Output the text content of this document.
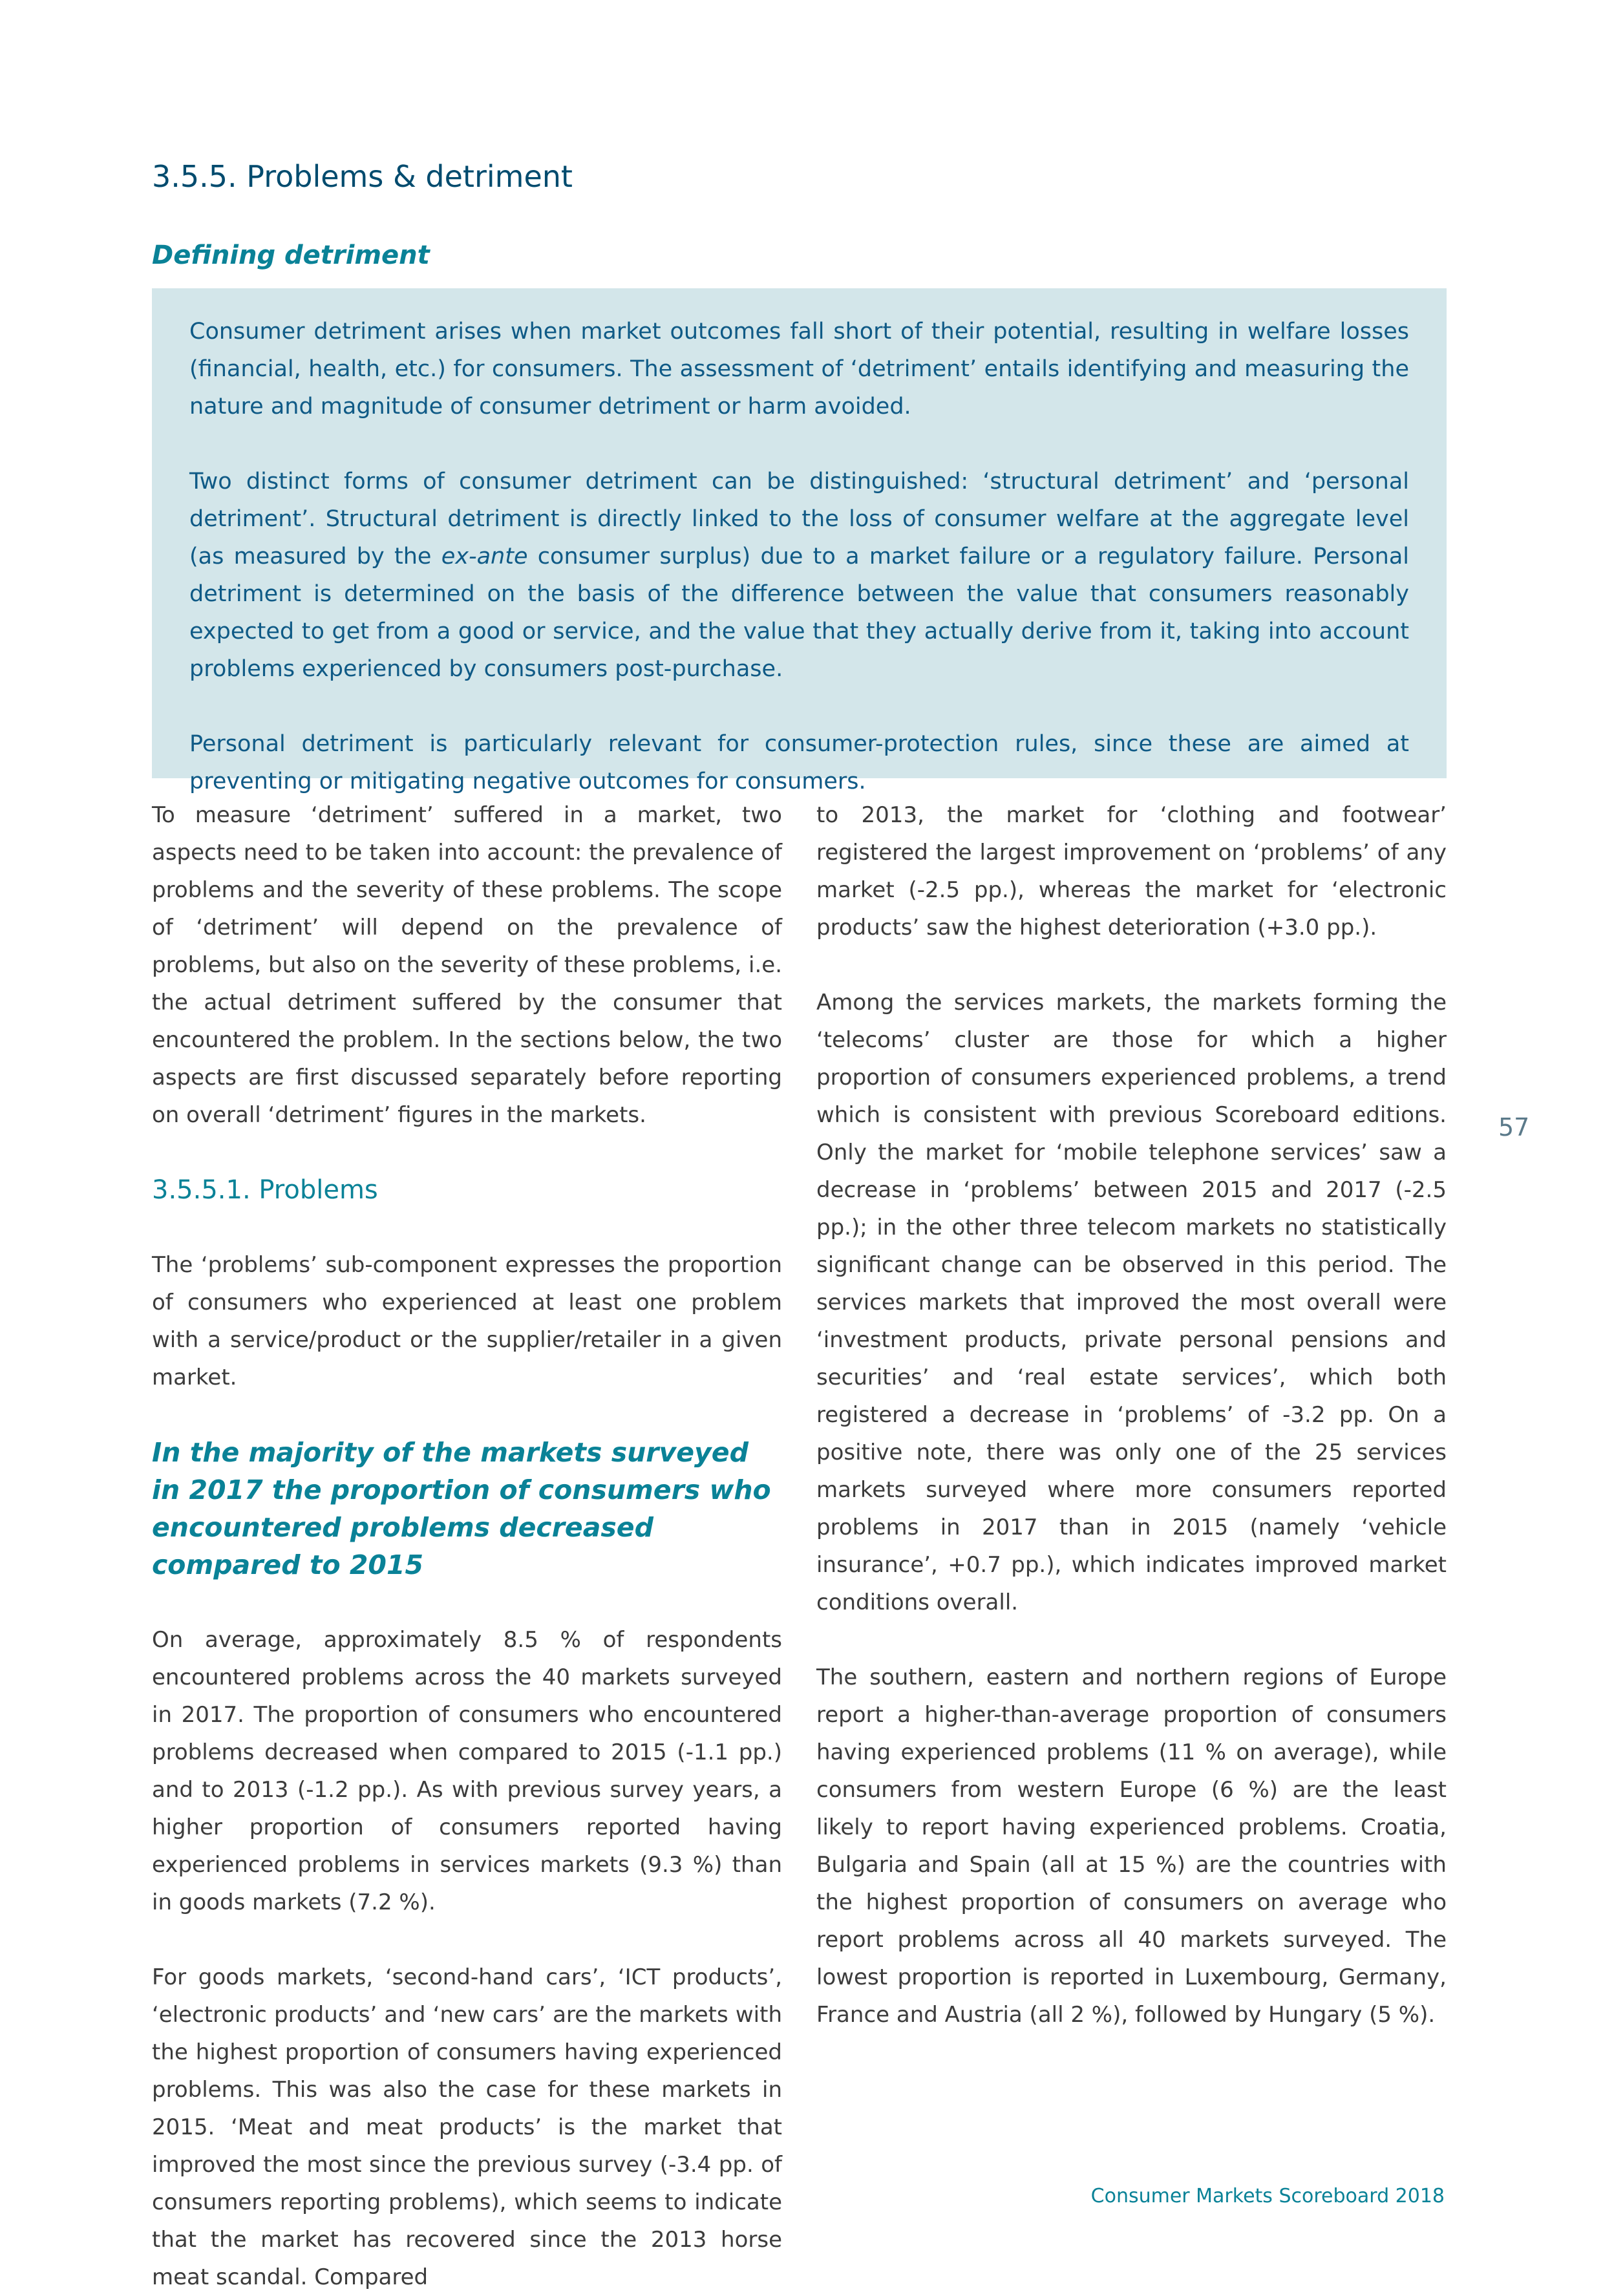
3.5.5. Problems & detriment
Defining detriment

Consumer detriment arises when market outcomes fall short of their potential, resulting in welfare losses (financial, health, etc.) for consumers. The assessment of ‘detriment’ entails identifying and measuring the nature and magnitude of consumer detriment or harm avoided.

Two distinct forms of consumer detriment can be distinguished: ‘structural detriment’ and ‘personal detriment’. Structural detriment is directly linked to the loss of consumer welfare at the aggregate level (as measured by the ex-ante consumer surplus) due to a market failure or a regulatory failure. Personal detriment is determined on the basis of the difference between the value that consumers reasonably expected to get from a good or service, and the value that they actually derive from it, taking into account problems experienced by consumers post-purchase.

Personal detriment is particularly relevant for consumer-protection rules, since these are aimed at preventing or mitigating negative outcomes for consumers.

To measure ‘detriment’ suffered in a market, two aspects need to be taken into account: the prevalence of problems and the severity of these problems. The scope of ‘detriment’ will depend on the prevalence of problems, but also on the severity of these problems, i.e. the actual detriment suffered by the consumer that encountered the problem. In the sections below, the two aspects are first discussed separately before reporting on overall ‘detriment’ figures in the markets.

3.5.5.1. Problems

The ‘problems’ sub-component expresses the proportion of consumers who experienced at least one problem with a service/product or the supplier/retailer in a given market.

In the majority of the markets surveyed in 2017 the proportion of consumers who encountered problems decreased compared to 2015

On average, approximately 8.5 % of respondents encountered problems across the 40 markets surveyed in 2017. The proportion of consumers who encountered problems decreased when compared to 2015 (-1.1 pp.) and to 2013 (-1.2 pp.). As with previous survey years, a higher proportion of consumers reported having experienced problems in services markets (9.3 %) than in goods markets (7.2 %).

For goods markets, ‘second-hand cars’, ‘ICT products’, ‘electronic products’ and ‘new cars’ are the markets with the highest proportion of consumers having experienced problems. This was also the case for these markets in 2015. ‘Meat and meat products’ is the market that improved the most since the previous survey (-3.4 pp. of consumers reporting problems), which seems to indicate that the market has recovered since the 2013 horse meat scandal. Compared

to 2013, the market for ‘clothing and footwear’ registered the largest improvement on ‘problems’ of any market (-2.5 pp.), whereas the market for ‘electronic products’ saw the highest deterioration (+3.0 pp.).

Among the services markets, the markets forming the ‘telecoms’ cluster are those for which a higher proportion of consumers experienced problems, a trend which is consistent with previous Scoreboard editions. Only the market for ‘mobile telephone services’ saw a decrease in ‘problems’ between 2015 and 2017 (-2.5 pp.); in the other three telecom markets no statistically significant change can be observed in this period. The services markets that improved the most overall were ‘investment products, private personal pensions and securities’ and ‘real estate services’, which both registered a decrease in ‘problems’ of -3.2 pp. On a positive note, there was only one of the 25 services markets surveyed where more consumers reported problems in 2017 than in 2015 (namely ‘vehicle insurance’, +0.7 pp.), which indicates improved market conditions overall.

The southern, eastern and northern regions of Europe report a higher-than-average proportion of consumers having experienced problems (11 % on average), while consumers from western Europe (6 %) are the least likely to report having experienced problems. Croatia, Bulgaria and Spain (all at 15 %) are the countries with the highest proportion of consumers on average who report problems across all 40 markets surveyed. The lowest proportion is reported in Luxembourg, Germany, France and Austria (all 2 %), followed by Hungary (5 %).

57
Consumer Markets Scoreboard 2018
